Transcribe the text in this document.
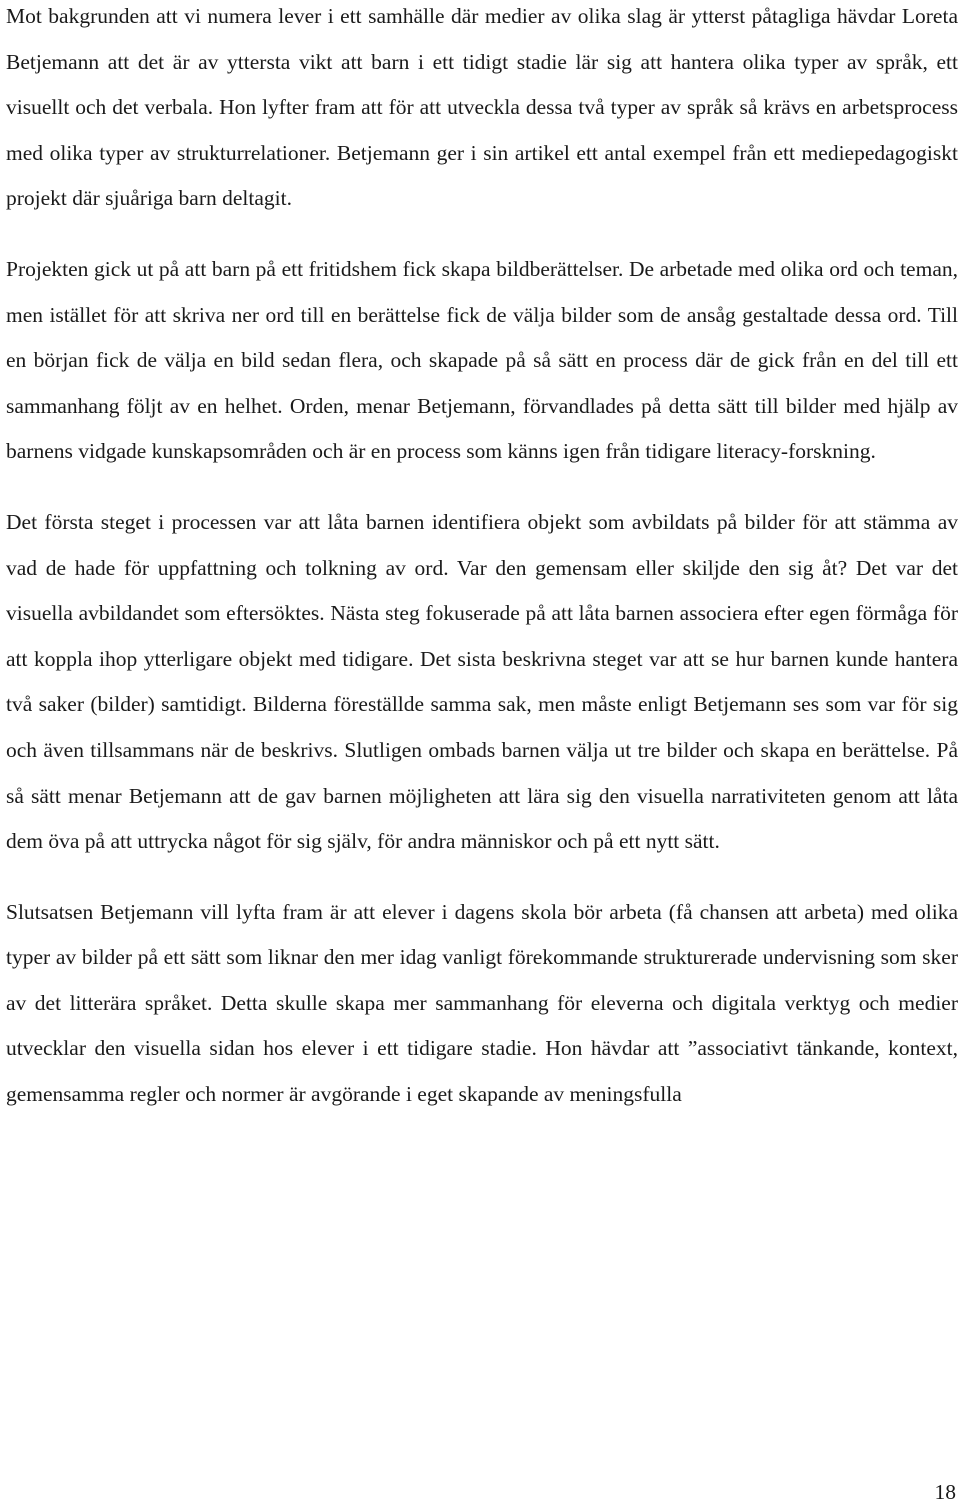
Mot bakgrunden att vi numera lever i ett samhälle där medier av olika slag är ytterst påtagliga hävdar Loreta Betjemann att det är av yttersta vikt att barn i ett tidigt stadie lär sig att hantera olika typer av språk, ett visuellt och det verbala. Hon lyfter fram att för att utveckla dessa två typer av språk så krävs en arbetsprocess med olika typer av strukturrelationer. Betjemann ger i sin artikel ett antal exempel från ett mediepedagogiskt projekt där sjuåriga barn deltagit.

Projekten gick ut på att barn på ett fritidshem fick skapa bildberättelser. De arbetade med olika ord och teman, men istället för att skriva ner ord till en berättelse fick de välja bilder som de ansåg gestaltade dessa ord. Till en början fick de välja en bild sedan flera, och skapade på så sätt en process där de gick från en del till ett sammanhang följt av en helhet. Orden, menar Betjemann, förvandlades på detta sätt till bilder med hjälp av barnens vidgade kunskapsområden och är en process som känns igen från tidigare literacy-forskning.

Det första steget i processen var att låta barnen identifiera objekt som avbildats på bilder för att stämma av vad de hade för uppfattning och tolkning av ord. Var den gemensam eller skiljde den sig åt? Det var det visuella avbildandet som eftersöktes. Nästa steg fokuserade på att låta barnen associera efter egen förmåga för att koppla ihop ytterligare objekt med tidigare. Det sista beskrivna steget var att se hur barnen kunde hantera två saker (bilder) samtidigt. Bilderna föreställde samma sak, men måste enligt Betjemann ses som var för sig och även tillsammans när de beskrivs. Slutligen ombads barnen välja ut tre bilder och skapa en berättelse. På så sätt menar Betjemann att de gav barnen möjligheten att lära sig den visuella narrativiteten genom att låta dem öva på att uttrycka något för sig själv, för andra människor och på ett nytt sätt.

Slutsatsen Betjemann vill lyfta fram är att elever i dagens skola bör arbeta (få chansen att arbeta) med olika typer av bilder på ett sätt som liknar den mer idag vanligt förekommande strukturerade undervisning som sker av det litterära språket. Detta skulle skapa mer sammanhang för eleverna och digitala verktyg och medier utvecklar den visuella sidan hos elever i ett tidigare stadie. Hon hävdar att ”associativt tänkande, kontext, gemensamma regler och normer är avgörande i eget skapande av meningsfulla

18
